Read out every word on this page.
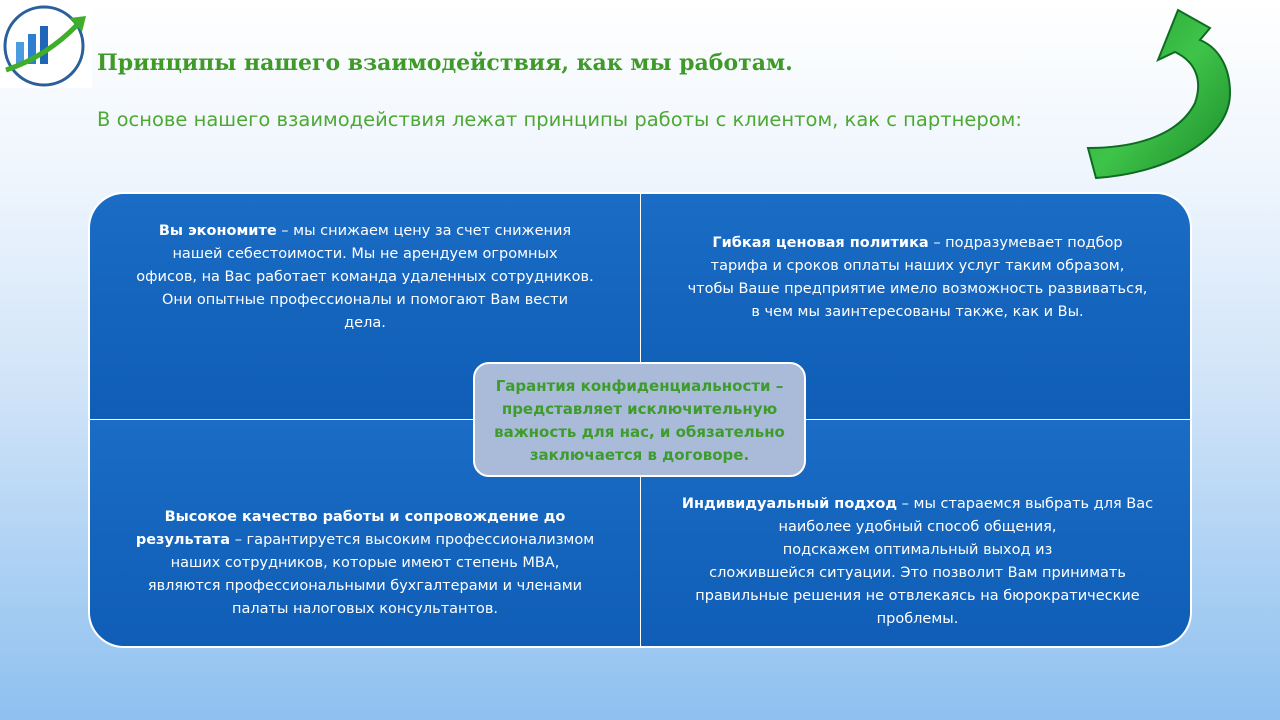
Принципы нашего взаимодействия, как мы работам.
В основе нашего взаимодействия лежат принципы работы с клиентом, как с партнером:
Вы экономите – мы снижаем цену за счет снижения
нашей себестоимости. Мы не арендуем огромных
офисов, на Вас работает команда удаленных сотрудников.
Они опытные профессионалы и помогают Вам вести
дела.
Гибкая ценовая политика – подразумевает подбор
тарифа и сроков оплаты наших услуг таким образом,
чтобы Ваше предприятие имело возможность развиваться,
в чем мы заинтересованы также, как и Вы.
Высокое качество работы и сопровождение до
результата – гарантируется высоким профессионализмом
наших сотрудников, которые имеют степень MBA,
являются профессиональными бухгалтерами и членами
палаты налоговых консультантов.
Индивидуальный подход – мы стараемся выбрать для Вас
наиболее удобный способ общения,
подскажем оптимальный выход из
сложившейся ситуации. Это позволит Вам принимать
правильные решения не отвлекаясь на бюрократические
проблемы.
Гарантия конфиденциальности –
представляет исключительную
важность для нас, и обязательно
заключается в договоре.
